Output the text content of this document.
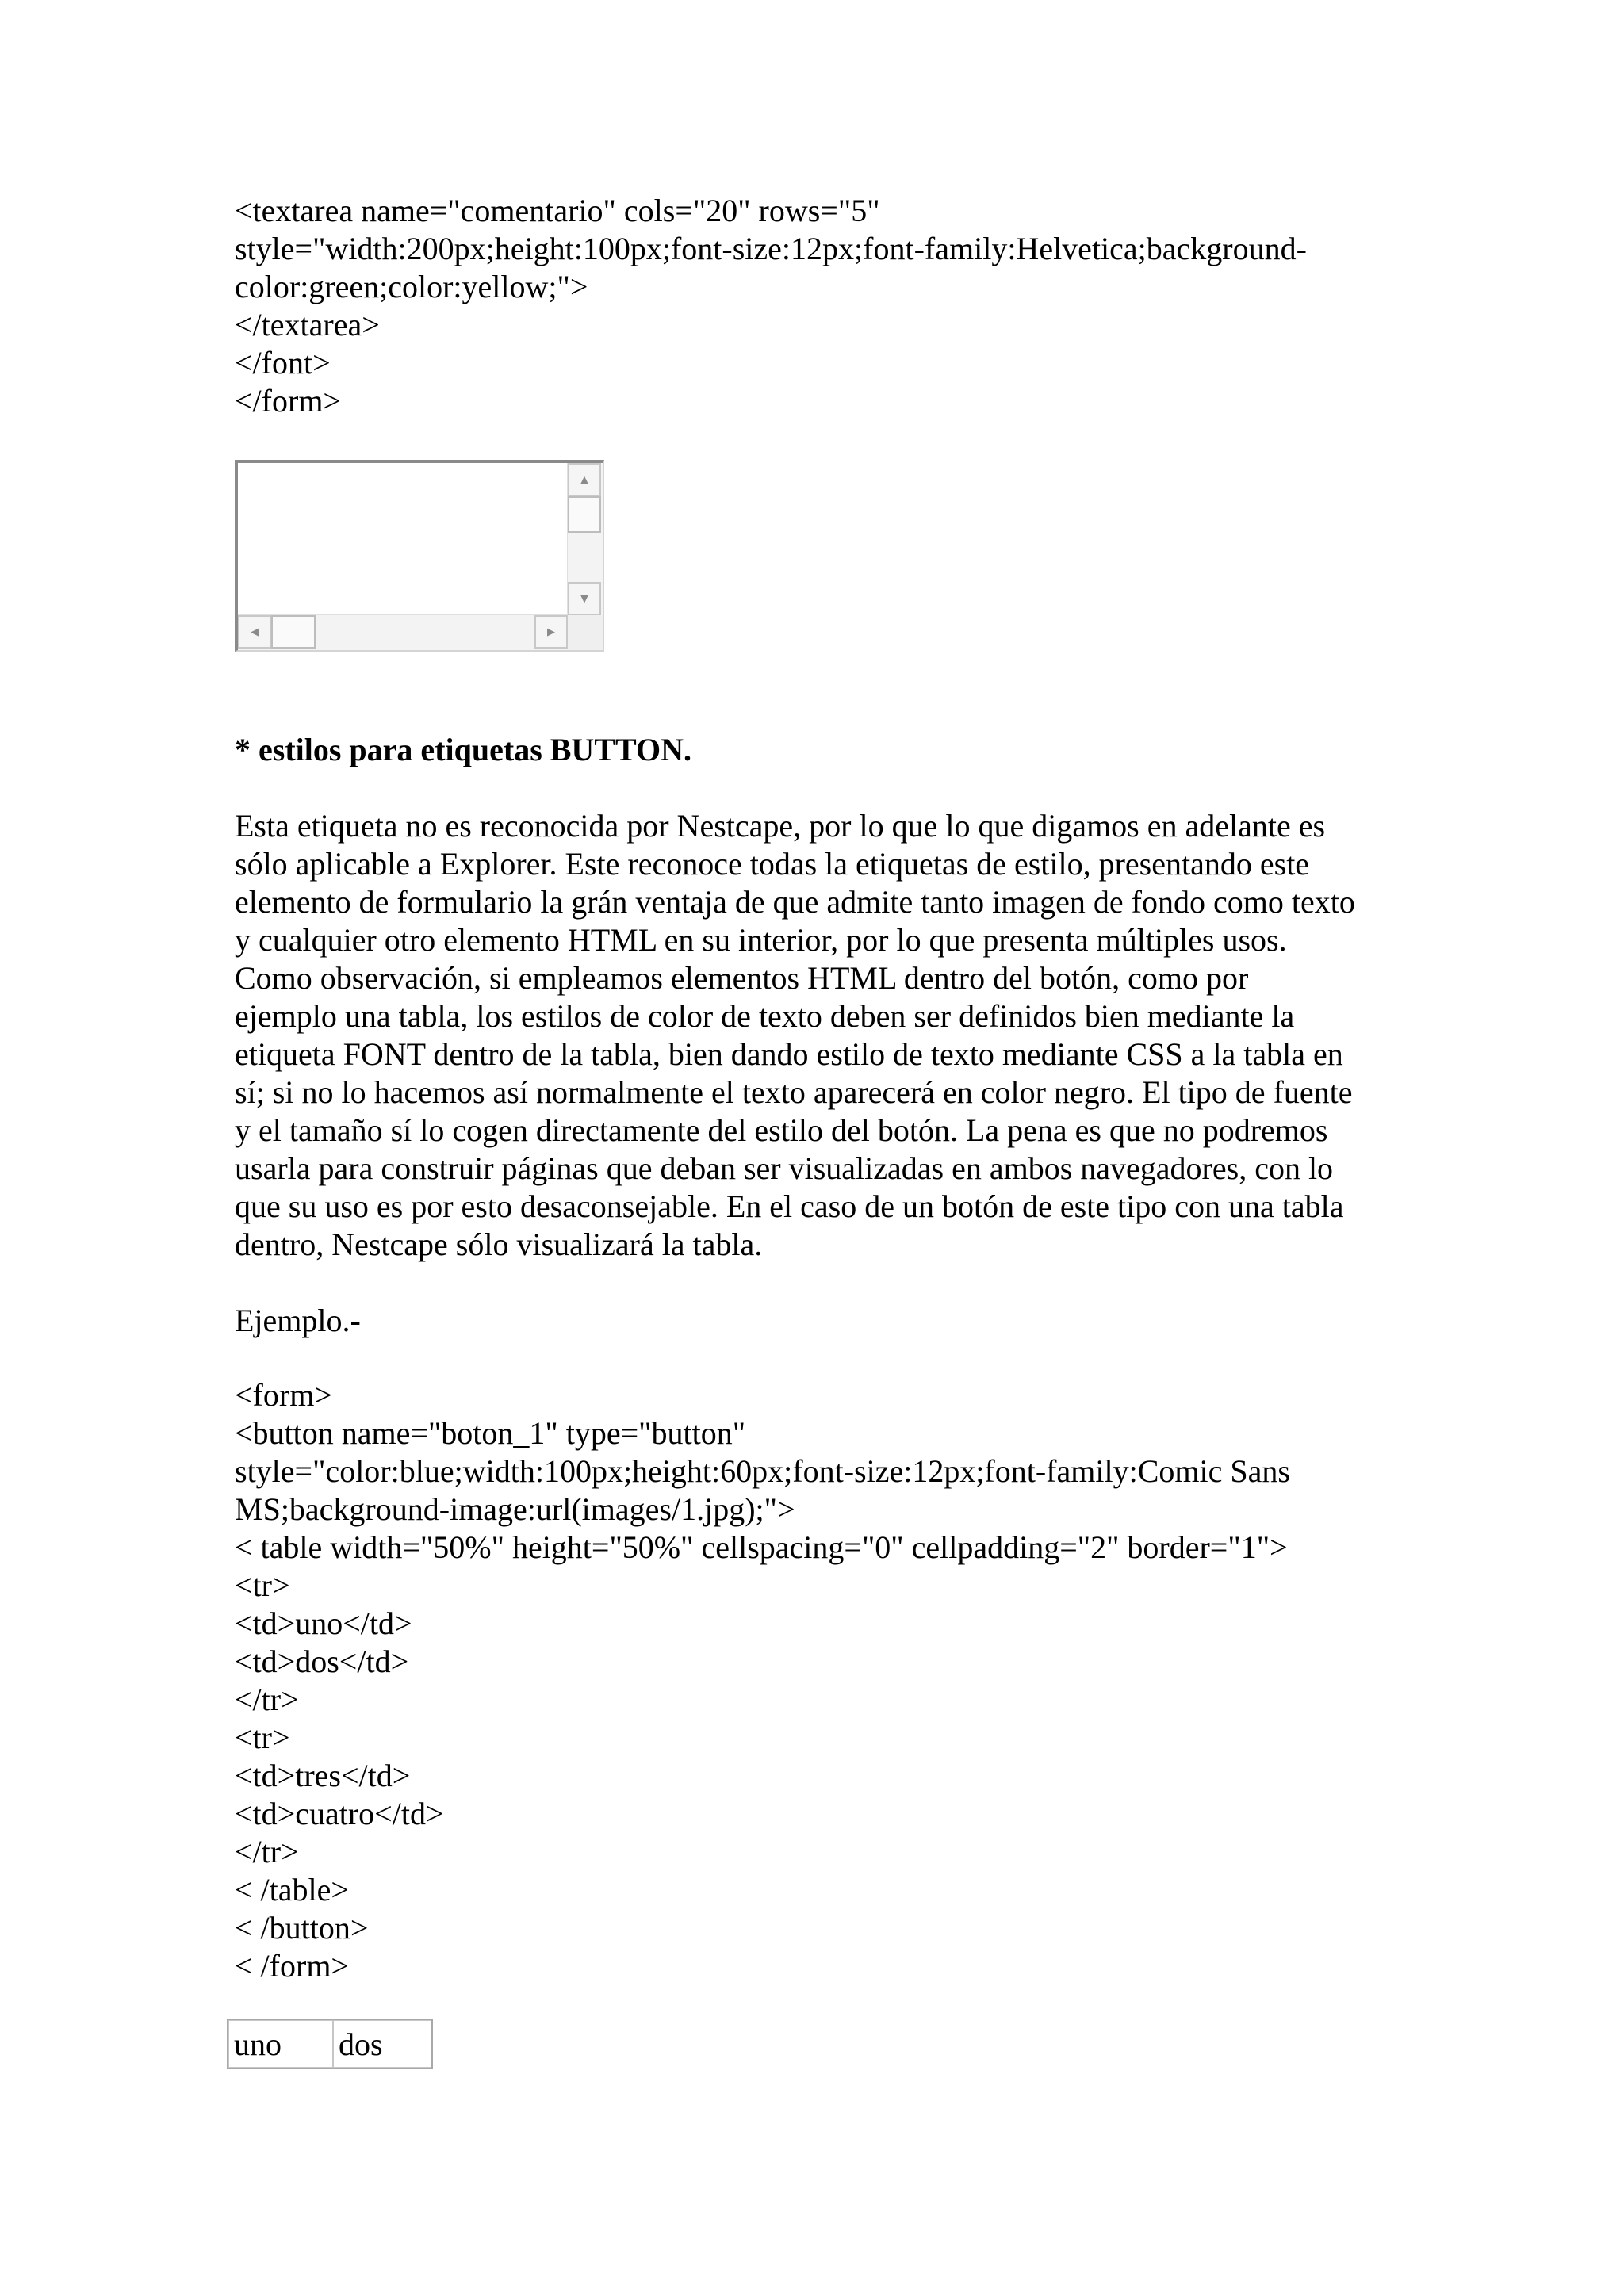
<textarea name="comentario" cols="20" rows="5"
style="width:200px;height:100px;font-size:12px;font-family:Helvetica;background-
color:green;color:yellow;">
</textarea>
</font>
</form>
* estilos para etiquetas BUTTON.
Esta etiqueta no es reconocida por Nestcape, por lo que lo que digamos en adelante es
sólo aplicable a Explorer. Este reconoce todas la etiquetas de estilo, presentando este
elemento de formulario la grán ventaja de que admite tanto imagen de fondo como texto
y cualquier otro elemento HTML en su interior, por lo que presenta múltiples usos.
Como observación, si empleamos elementos HTML dentro del botón, como por
ejemplo una tabla, los estilos de color de texto deben ser definidos bien mediante la
etiqueta FONT dentro de la tabla, bien dando estilo de texto mediante CSS a la tabla en
sí; si no lo hacemos así normalmente el texto aparecerá en color negro. El tipo de fuente
y el tamaño sí lo cogen directamente del estilo del botón. La pena es que no podremos
usarla para construir páginas que deban ser visualizadas en ambos navegadores, con lo
que su uso es por esto desaconsejable. En el caso de un botón de este tipo con una tabla
dentro, Nestcape sólo visualizará la tabla.
Ejemplo.-
<form>
<button name="boton_1" type="button"
style="color:blue;width:100px;height:60px;font-size:12px;font-family:Comic Sans
MS;background-image:url(images/1.jpg);">
< table width="50%" height="50%" cellspacing="0" cellpadding="2" border="1">
<tr>
<td>uno</td>
<td>dos</td>
</tr>
<tr>
<td>tres</td>
<td>cuatro</td>
</tr>
< /table>
< /button>
< /form>
▲
▼
◀	▶
uno	dos
